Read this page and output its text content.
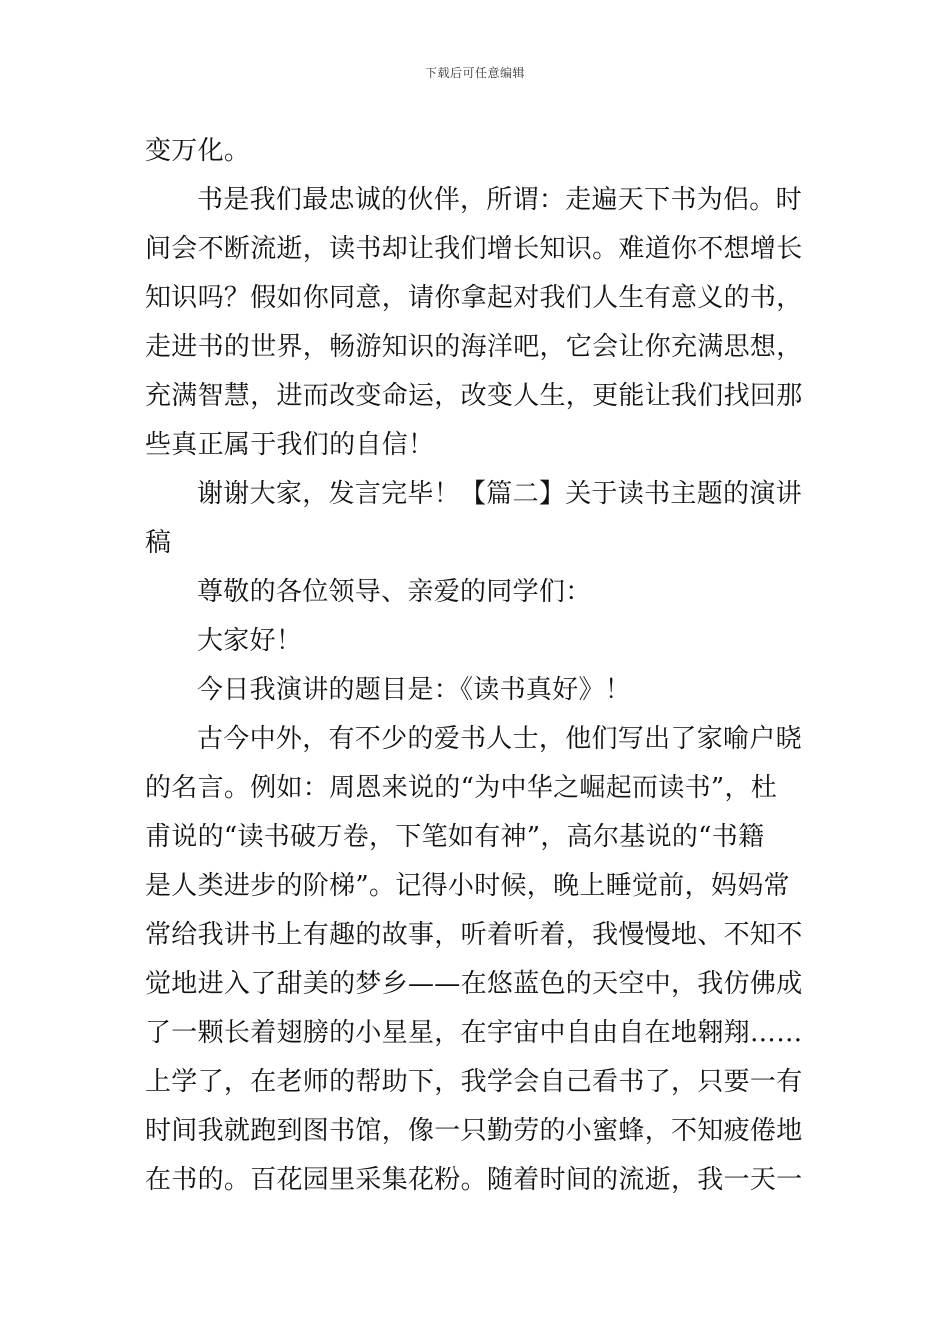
下载后可任意编辑
变万化。
书是我们最忠诚的伙伴，所谓：走遍天下书为侣。时
间会不断流逝，读书却让我们增长知识。难道你不想增长
知识吗？假如你同意，请你拿起对我们人生有意义的书，
走进书的世界，畅游知识的海洋吧，它会让你充满思想，
充满智慧，进而改变命运，改变人生，更能让我们找回那
些真正属于我们的自信！
谢谢大家，发言完毕！【篇二】关于读书主题的演讲
稿
尊敬的各位领导、亲爱的同学们：
大家好！
今日我演讲的题目是：《读书真好》！
古今中外，有不少的爱书人士，他们写出了家喻户晓
的名言。例如：周恩来说的“为中华之崛起而读书”，杜
甫说的“读书破万卷，下笔如有神”，高尔基说的“书籍
是人类进步的阶梯”。记得小时候，晚上睡觉前，妈妈常
常给我讲书上有趣的故事，听着听着，我慢慢地、不知不
觉地进入了甜美的梦乡——在悠蓝色的天空中，我仿佛成
了一颗长着翅膀的小星星，在宇宙中自由自在地翱翔……
上学了，在老师的帮助下，我学会自己看书了，只要一有
时间我就跑到图书馆，像一只勤劳的小蜜蜂，不知疲倦地
在书的。百花园里采集花粉。随着时间的流逝，我一天一
